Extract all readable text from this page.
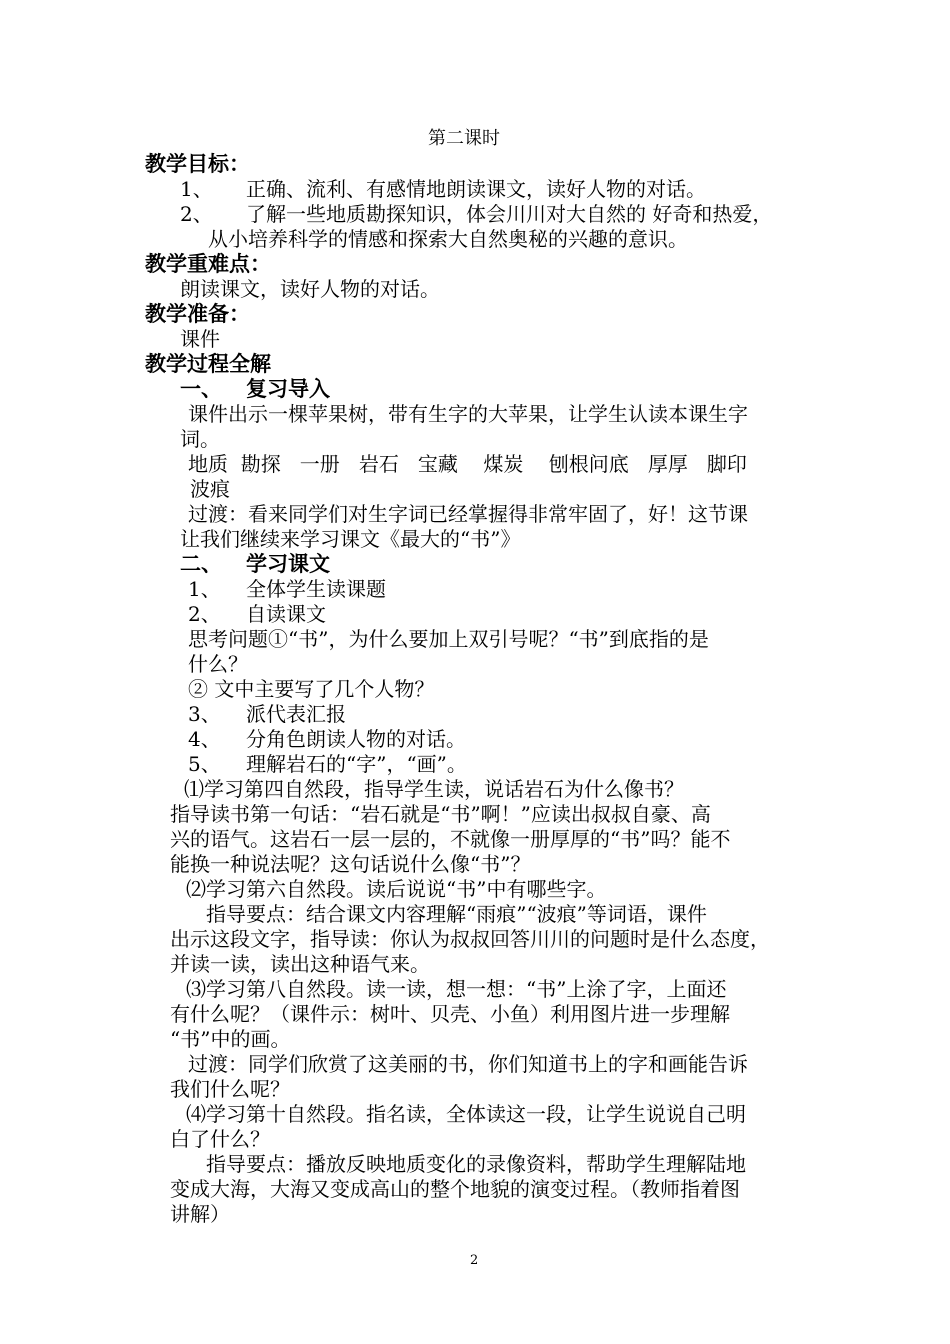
第二课时
教学目标：
1、 正确、流利、有感情地朗读课文，读好人物的对话。
2、 了解一些地质勘探知识，体会川川对大自然的 好奇和热爱，
从小培养科学的情感和探索大自然奥秘的兴趣的意识。
教学重难点：
朗读课文，读好人物的对话。
教学准备：
课件
教学过程全解
一、 复习导入
课件出示一棵苹果树，带有生字的大苹果，让学生认读本课生字
词。
地质  勘探   一册   岩石   宝藏    煤炭    刨根问底   厚厚   脚印
波痕
过渡：看来同学们对生字词已经掌握得非常牢固了，好！这节课
让我们继续来学习课文《最大的“书”》
二、 学习课文
1、 全体学生读课题
2、 自读课文
思考问题①“书”，为什么要加上双引号呢？“书”到底指的是
什么？
② 文中主要写了几个人物？
3、 派代表汇报
4、 分角色朗读人物的对话。
5、 理解岩石的“字”，“画”。
⑴学习第四自然段，指导学生读，说话岩石为什么像书？
指导读书第一句话：“岩石就是“书”啊！”应读出叔叔自豪、高
兴的语气。这岩石一层一层的，不就像一册厚厚的“书”吗？能不
能换一种说法呢？这句话说什么像“书”？
⑵学习第六自然段。读后说说“书”中有哪些字。
指导要点：结合课文内容理解“雨痕”“波痕”等词语，课件
出示这段文字，指导读：你认为叔叔回答川川的问题时是什么态度，
并读一读，读出这种语气来。
⑶学习第八自然段。读一读，想一想：“书”上涂了字，上面还
有什么呢？（课件示：树叶、贝壳、小鱼）利用图片进一步理解
“书”中的画。
过渡：同学们欣赏了这美丽的书，你们知道书上的字和画能告诉
我们什么呢？
⑷学习第十自然段。指名读，全体读这一段，让学生说说自己明
白了什么？
指导要点：播放反映地质变化的录像资料，帮助学生理解陆地
变成大海，大海又变成高山的整个地貌的演变过程。（教师指着图
讲解）
2
